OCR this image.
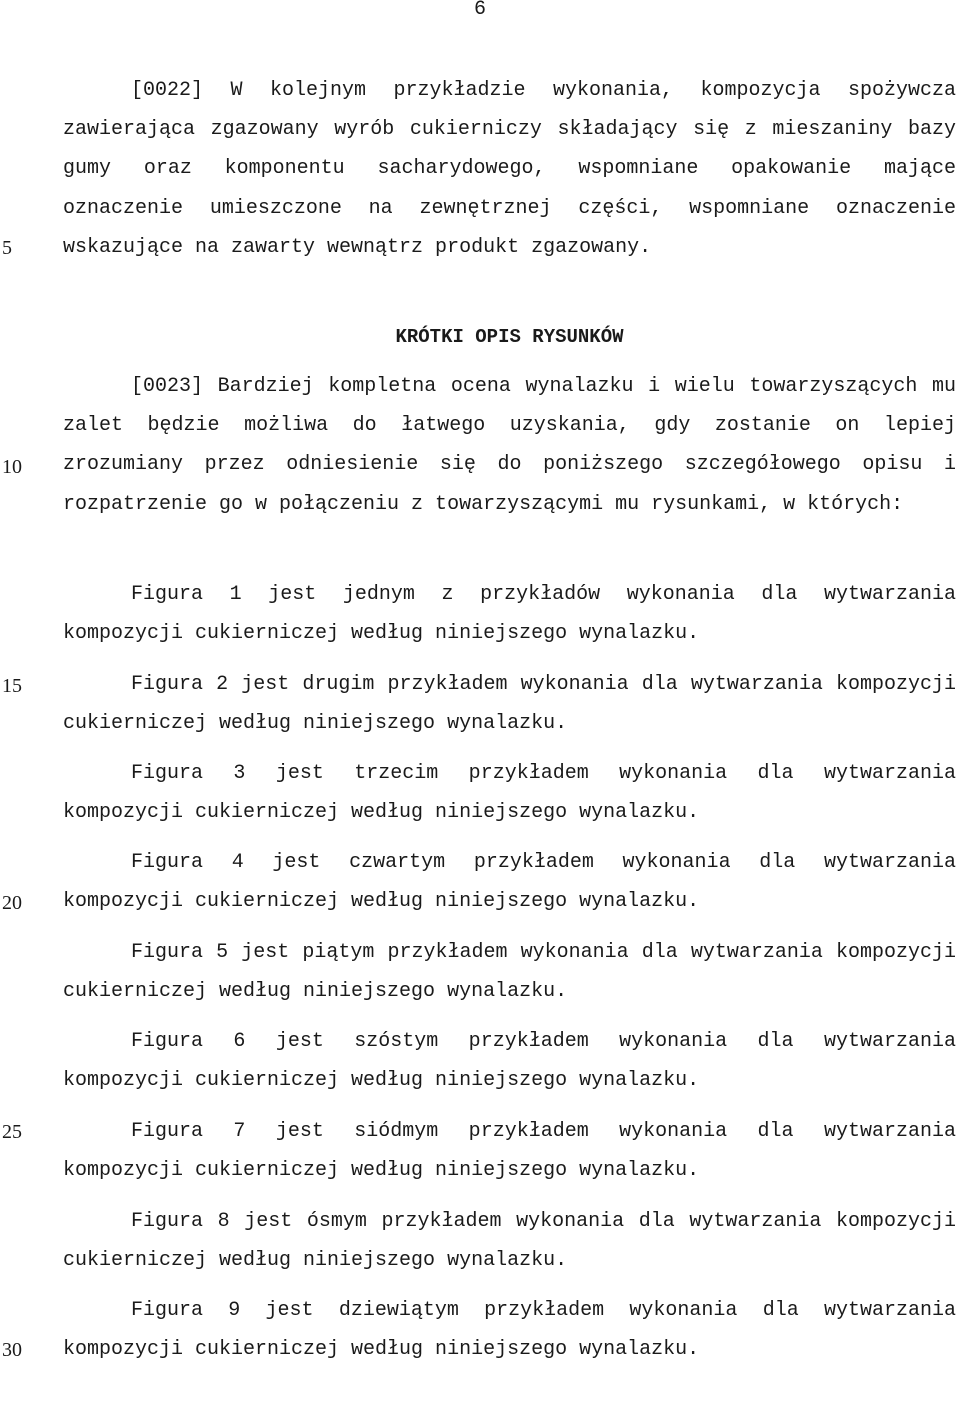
6
5
10
15
20
25
30

[0022] W kolejnym przykładzie wykonania, kompozycja spożywcza zawierająca zgazowany wyrób cukierniczy składający się z mieszaniny bazy gumy oraz komponentu sacharydowego, wspomniane opakowanie mające oznaczenie umieszczone na zewnętrznej części, wspomniane oznaczenie wskazujące na zawarty wewnątrz produkt zgazowany.

KRÓTKI OPIS RYSUNKÓW

[0023] Bardziej kompletna ocena wynalazku i wielu towarzyszących mu zalet będzie możliwa do łatwego uzyskania, gdy zostanie on lepiej zrozumiany przez odniesienie się do poniższego szczegółowego opisu i rozpatrzenie go w połączeniu z towarzyszącymi mu rysunkami, w których:

Figura 1 jest jednym z przykładów wykonania dla wytwarzania kompozycji cukierniczej według niniejszego wynalazku.

Figura 2 jest drugim przykładem wykonania dla wytwarzania kompozycji cukierniczej według niniejszego wynalazku.

Figura 3 jest trzecim przykładem wykonania dla wytwarzania kompozycji cukierniczej według niniejszego wynalazku.

Figura 4 jest czwartym przykładem wykonania dla wytwarzania kompozycji cukierniczej według niniejszego wynalazku.

Figura 5 jest piątym przykładem wykonania dla wytwarzania kompozycji cukierniczej według niniejszego wynalazku.

Figura 6 jest szóstym przykładem wykonania dla wytwarzania kompozycji cukierniczej według niniejszego wynalazku.

Figura 7 jest siódmym przykładem wykonania dla wytwarzania kompozycji cukierniczej według niniejszego wynalazku.

Figura 8 jest ósmym przykładem wykonania dla wytwarzania kompozycji cukierniczej według niniejszego wynalazku.

Figura 9 jest dziewiątym przykładem wykonania dla wytwarzania kompozycji cukierniczej według niniejszego wynalazku.
